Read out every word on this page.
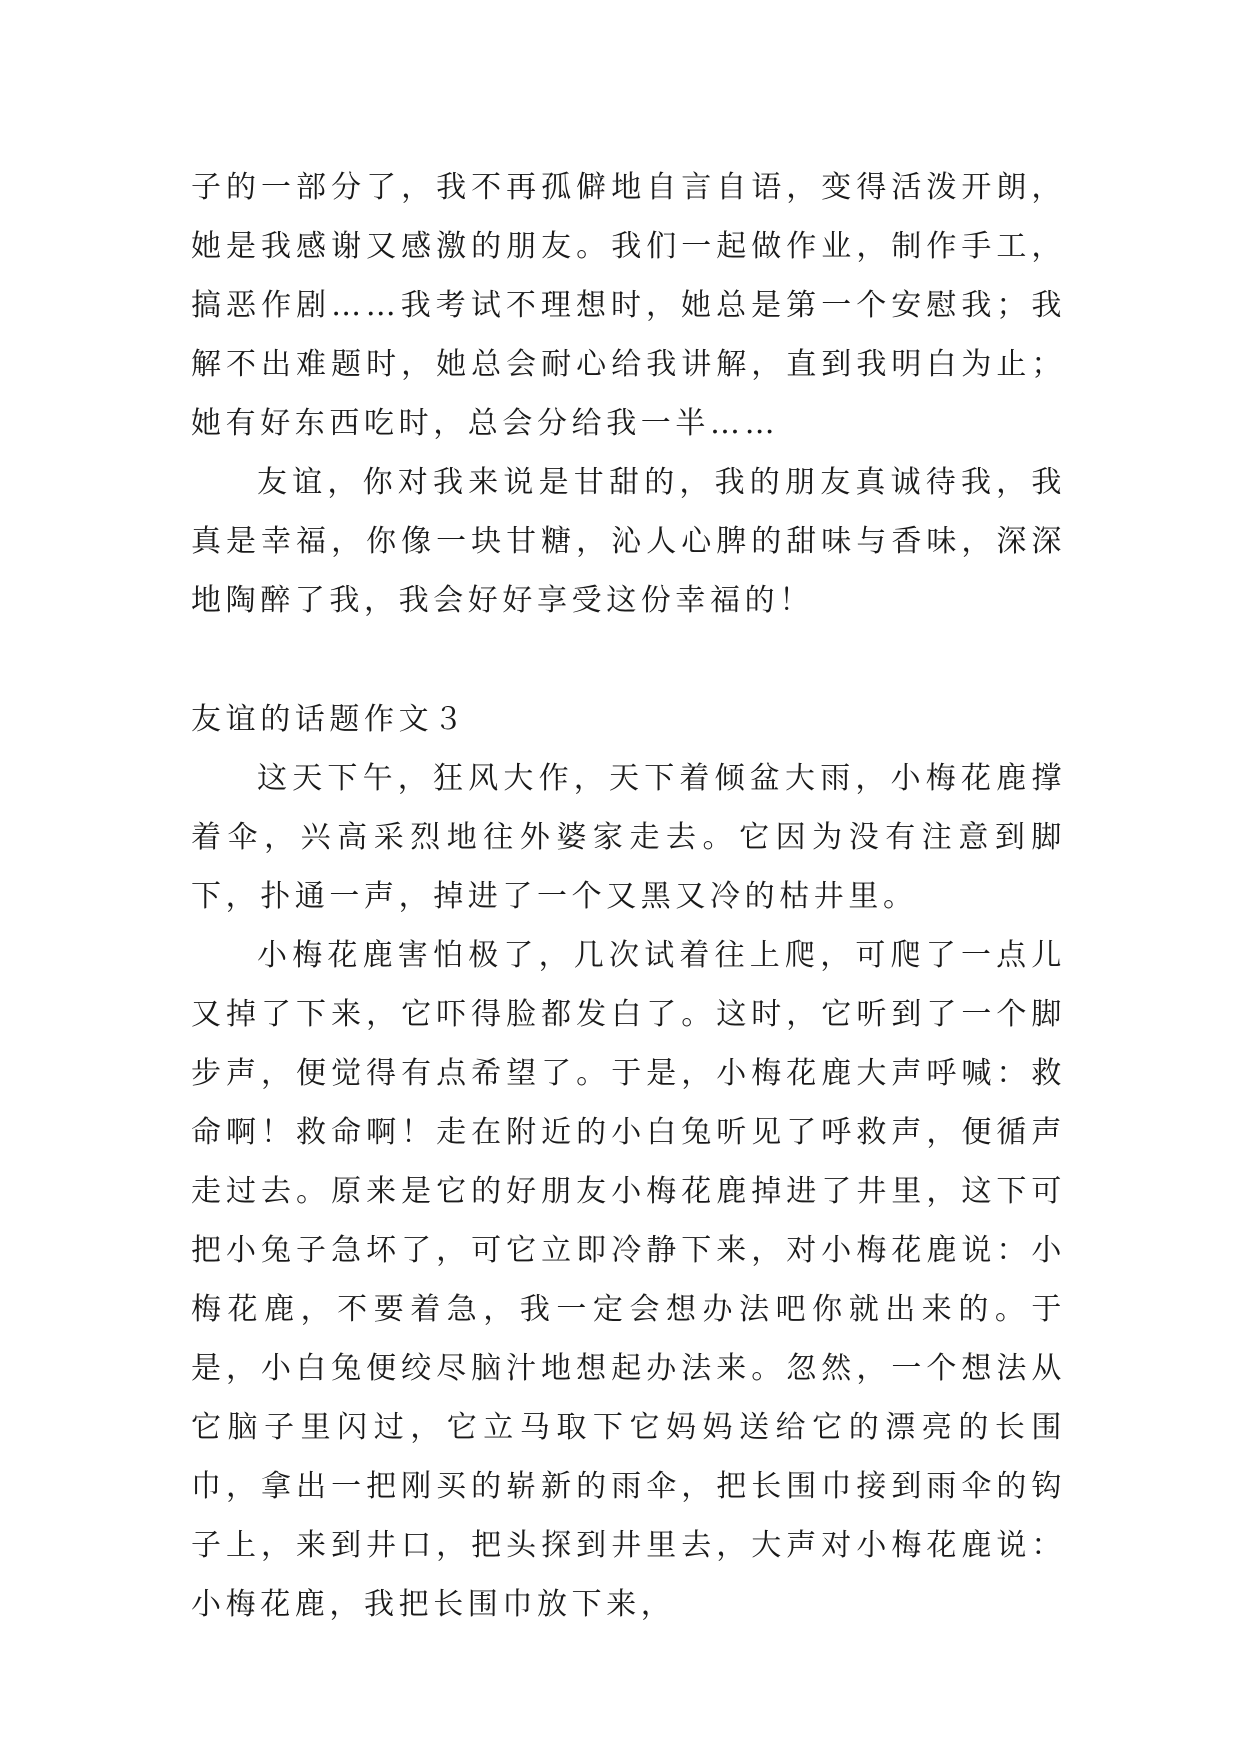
子的一部分了，我不再孤僻地自言自语，变得活泼开朗，她是我感谢又感激的朋友。我们一起做作业，制作手工，搞恶作剧……我考试不理想时，她总是第一个安慰我；我解不出难题时，她总会耐心给我讲解，直到我明白为止；她有好东西吃时，总会分给我一半……

友谊，你对我来说是甘甜的，我的朋友真诚待我，我真是幸福，你像一块甘糖，沁人心脾的甜味与香味，深深地陶醉了我，我会好好享受这份幸福的！

友谊的话题作文３

这天下午，狂风大作，天下着倾盆大雨，小梅花鹿撑着伞，兴高采烈地往外婆家走去。它因为没有注意到脚下，扑通一声，掉进了一个又黑又冷的枯井里。

小梅花鹿害怕极了，几次试着往上爬，可爬了一点儿又掉了下来，它吓得脸都发白了。这时，它听到了一个脚步声，便觉得有点希望了。于是，小梅花鹿大声呼喊：救命啊！救命啊！走在附近的小白兔听见了呼救声，便循声走过去。原来是它的好朋友小梅花鹿掉进了井里，这下可把小兔子急坏了，可它立即冷静下来，对小梅花鹿说：小梅花鹿，不要着急，我一定会想办法吧你就出来的。于是，小白兔便绞尽脑汁地想起办法来。忽然，一个想法从它脑子里闪过，它立马取下它妈妈送给它的漂亮的长围巾，拿出一把刚买的崭新的雨伞，把长围巾接到雨伞的钩子上，来到井口，把头探到井里去，大声对小梅花鹿说：小梅花鹿，我把长围巾放下来，
